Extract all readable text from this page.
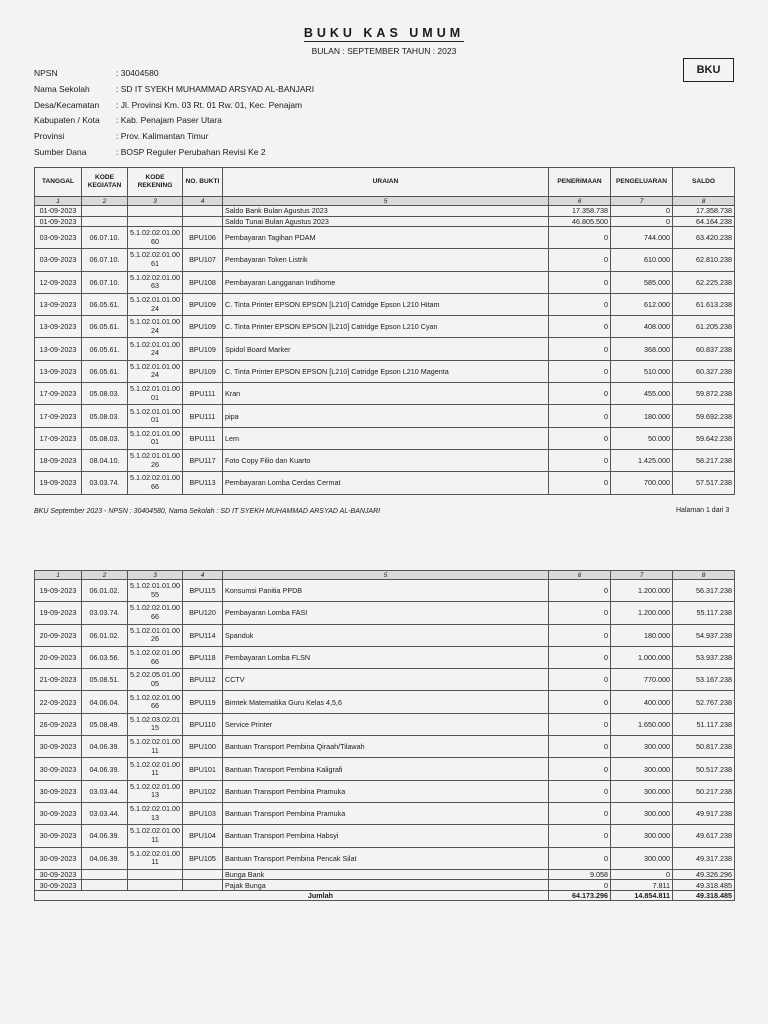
BUKU KAS UMUM
BULAN : SEPTEMBER TAHUN : 2023
BKU
NPSN	: 30404580
Nama Sekolah	: SD IT SYEKH MUHAMMAD ARSYAD AL-BANJARI
Desa/Kecamatan	: Jl. Provinsi Km. 03 Rt. 01 Rw. 01, Kec. Penajam
Kabupaten / Kota	: Kab. Penajam Paser Utara
Provinsi	: Prov. Kalimantan Timur
Sumber Dana	: BOSP Reguler Perubahan Revisi Ke 2
TANGGAL	KODE KEGIATAN	KODE REKENING	NO. BUKTI	URAIAN	PENERIMAAN	PENGELUARAN	SALDO
1	2	3	4	5	6	7	8
01-09-2023				Saldo Bank Bulan Agustus 2023	17.358.738	0	17.358.738
01-09-2023				Saldo Tunai Bulan Agustus 2023	46.805.500	0	64.164.238
03-09-2023	06.07.10.	5.1.02.02.01.00
60	BPU106	Pembayaran Tagihan PDAM	0	744.000	63.420.238
03-09-2023	06.07.10.	5.1.02.02.01.00
61	BPU107	Pembayaran Token Listrik	0	610.000	62.810.238
12-09-2023	06.07.10.	5.1.02.02.01.00
63	BPU108	Pembayaran Langganan Indihome	0	585.000	62.225.238
13-09-2023	06.05.61.	5.1.02.01.01.00
24	BPU109	C. Tinta Printer EPSON EPSON [L210] Catridge Epson L210 Hitam	0	612.000	61.613.238
13-09-2023	06.05.61.	5.1.02.01.01.00
24	BPU109	C. Tinta Printer EPSON EPSON [L210] Catridge Epson L210 Cyan	0	408.000	61.205.238
13-09-2023	06.05.61.	5.1.02.01.01.00
24	BPU109	Spidol Board Marker	0	368.000	60.837.238
13-09-2023	06.05.61.	5.1.02.01.01.00
24	BPU109	C. Tinta Printer EPSON EPSON [L210] Catridge Epson L210 Magenta	0	510.000	60.327.238
17-09-2023	05.08.03.	5.1.02.01.01.00
01	BPU111	Kran	0	455.000	59.872.238
17-09-2023	05.08.03.	5.1.02.01.01.00
01	BPU111	pipa	0	180.000	59.692.238
17-09-2023	05.08.03.	5.1.02.01.01.00
01	BPU111	Lem	0	50.000	59.642.238
18-09-2023	08.04.10.	5.1.02.01.01.00
26	BPU117	Foto Copy Filio dan Kuarto	0	1.425.000	58.217.238
19-09-2023	03.03.74.	5.1.02.02.01.00
66	BPU113	Pembayaran Lomba Cerdas Cermat	0	700.000	57.517.238
BKU September 2023 - NPSN : 30404580, Nama Sekolah : SD IT SYEKH MUHAMMAD ARSYAD AL-BANJARI	Halaman 1 dari 3
1	2	3	4	5	6	7	8
19-09-2023	06.01.02.	5.1.02.01.01.00
55	BPU115	Konsumsi Panitia PPDB	0	1.200.000	56.317.238
19-09-2023	03.03.74.	5.1.02.02.01.00
66	BPU120	Pembayaran Lomba FASI	0	1.200.000	55.117.238
20-09-2023	06.01.02.	5.1.02.01.01.00
26	BPU114	Spanduk	0	180.000	54.937.238
20-09-2023	06.03.56.	5.1.02.02.01.00
66	BPU118	Pembayaran Lomba FLSN	0	1.000.000	53.937.238
21-09-2023	05.08.51.	5.2.02.05.01.00
05	BPU112	CCTV	0	770.000	53.167.238
22-09-2023	04.06.04.	5.1.02.02.01.00
66	BPU119	Bimtek Matematika Guru Kelas 4,5,6	0	400.000	52.767.238
26-09-2023	05.08.49.	5.1.02.03.02.01
15	BPU110	Service Printer	0	1.650.000	51.117.238
30-09-2023	04.06.39.	5.1.02.02.01.00
11	BPU100	Bantuan Transport Pembina Qiraah/Tilawah	0	300.000	50.817.238
30-09-2023	04.06.39.	5.1.02.02.01.00
11	BPU101	Bantuan Transport Pembina Kaligrafi	0	300.000	50.517.238
30-09-2023	03.03.44.	5.1.02.02.01.00
13	BPU102	Bantuan Transport Pembina Pramuka	0	300.000	50.217.238
30-09-2023	03.03.44.	5.1.02.02.01.00
13	BPU103	Bantuan Transport Pembina Pramuka	0	300.000	49.917.238
30-09-2023	04.06.39.	5.1.02.02.01.00
11	BPU104	Bantuan Transport Pembina Habsyi	0	300.000	49.617.238
30-09-2023	04.06.39.	5.1.02.02.01.00
11	BPU105	Bantuan Transport Pembina Pencak Silat	0	300.000	49.317.238
30-09-2023				Bunga Bank	9.058	0	49.326.296
30-09-2023				Pajak Bunga	0	7.811	49.318.485
Jumlah					64.173.296	14.854.811	49.318.485
